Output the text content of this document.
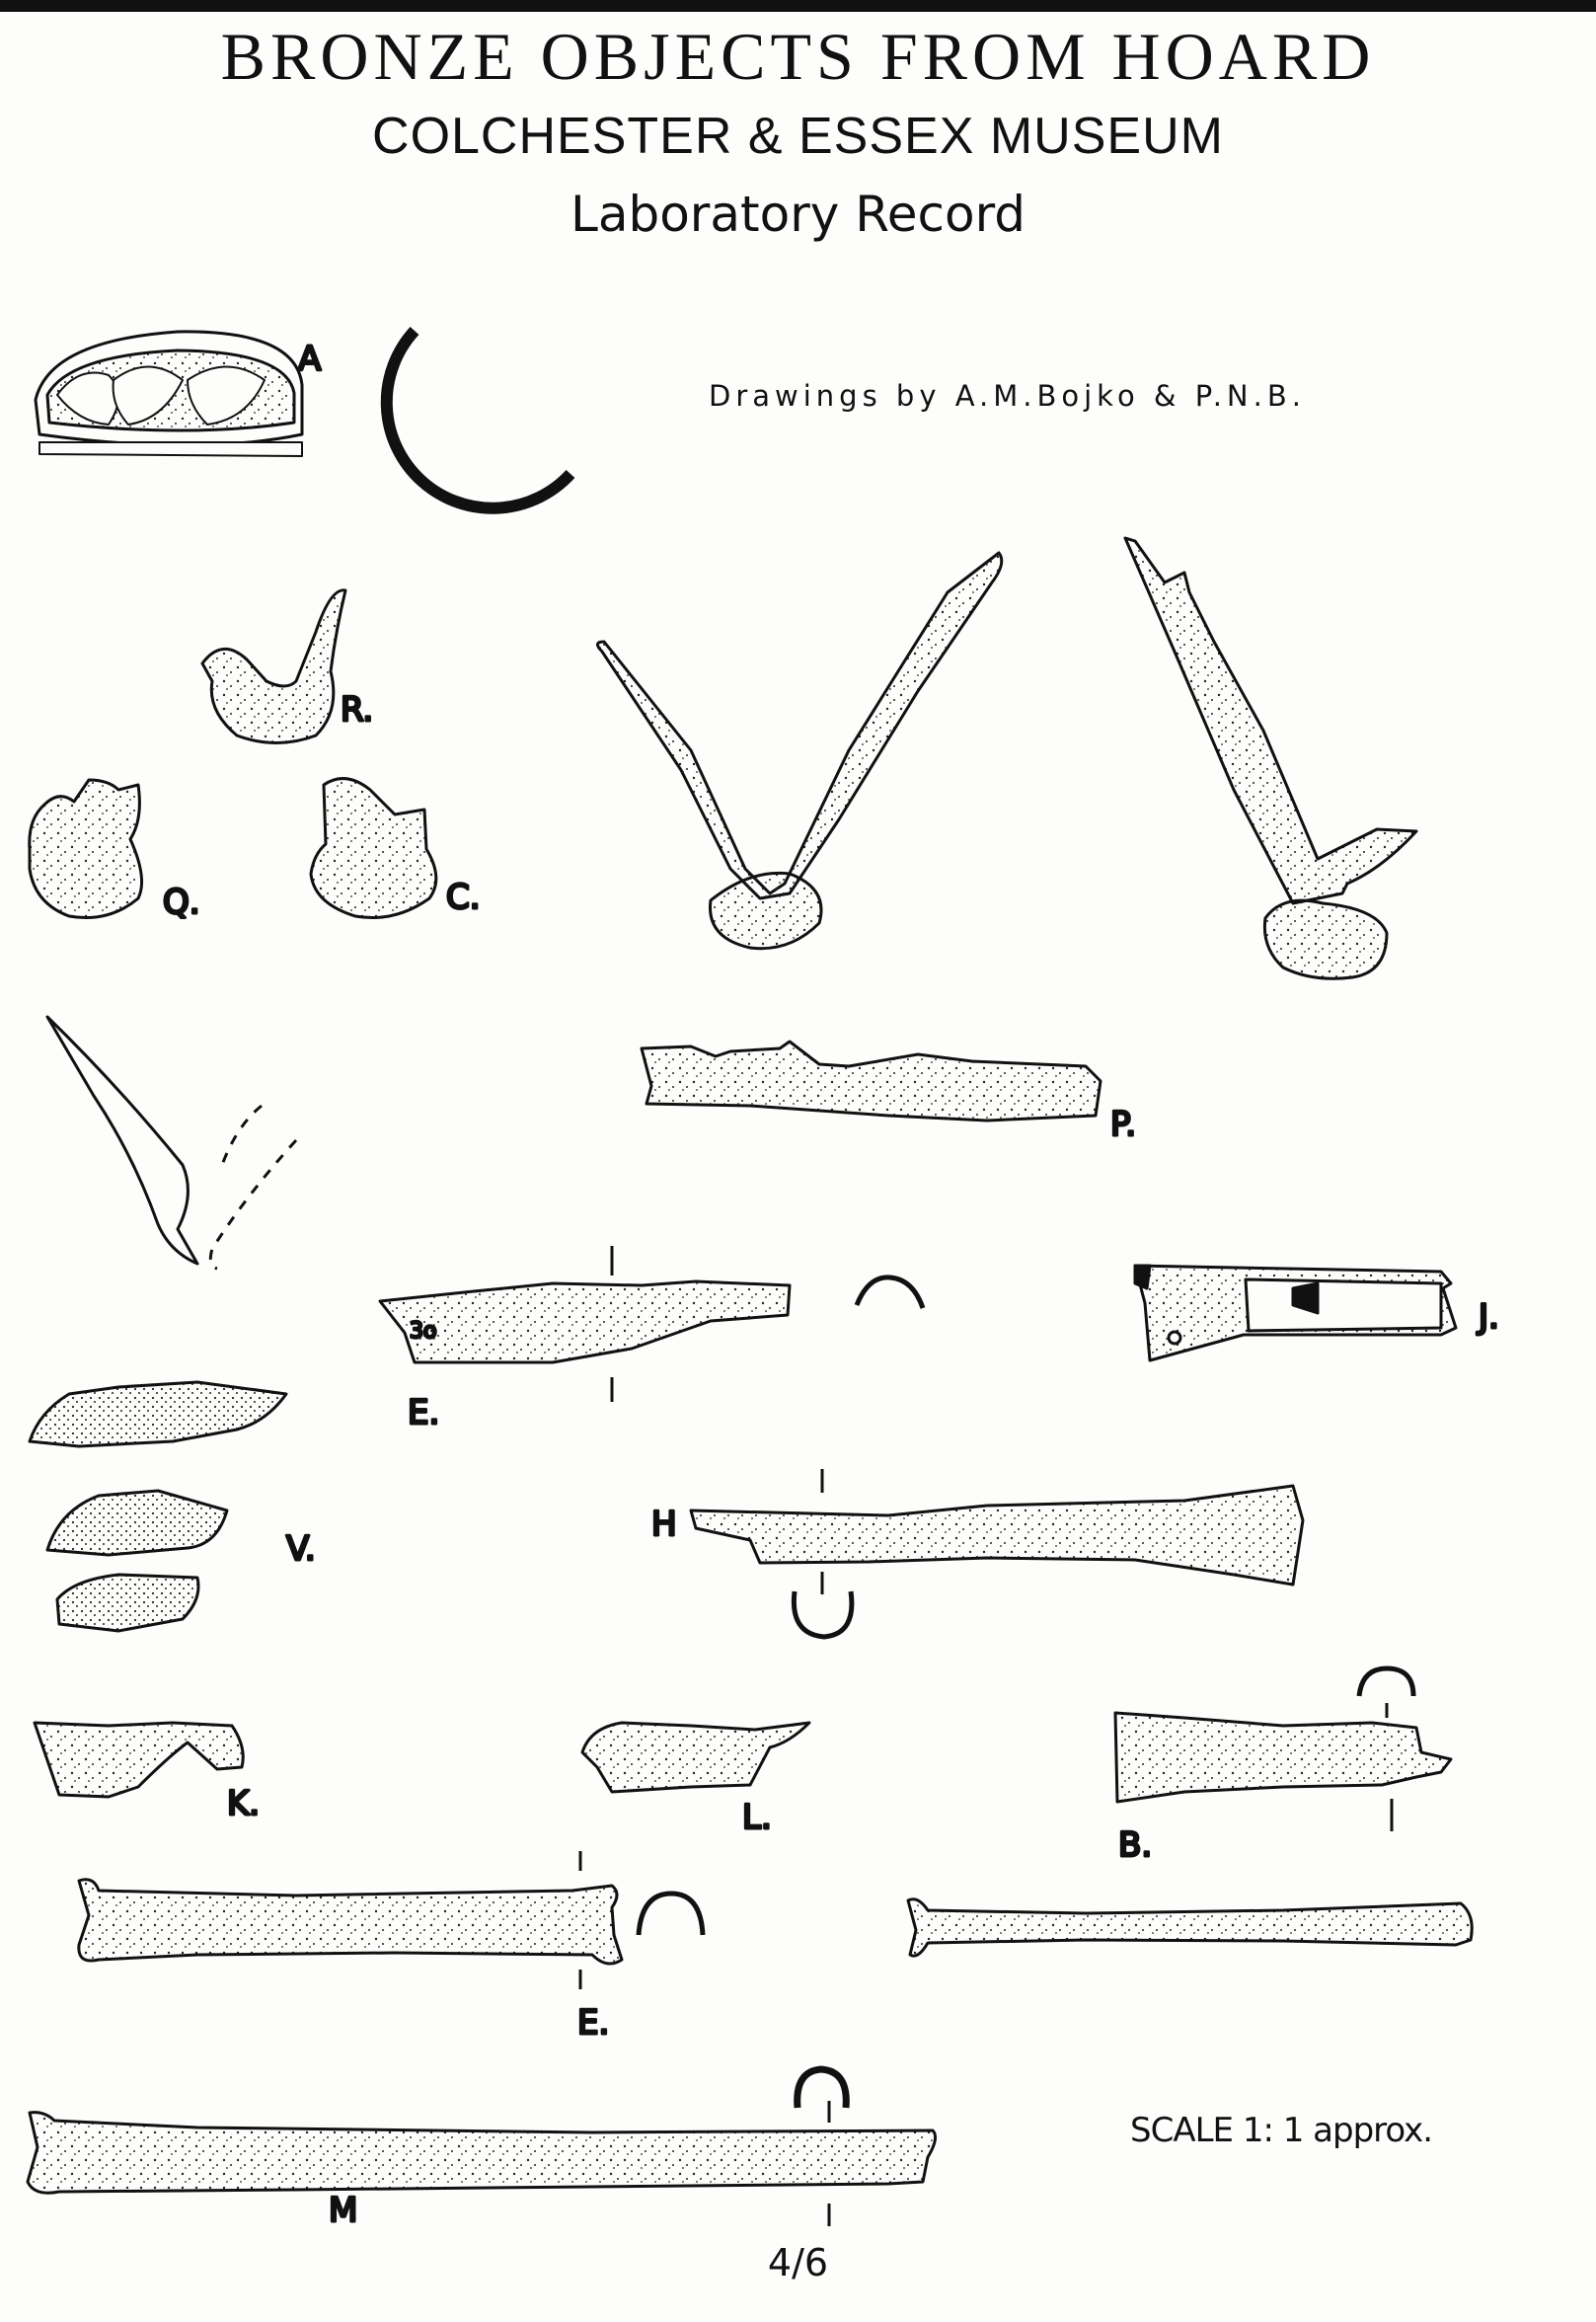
BRONZE OBJECTS FROM HOARD
COLCHESTER & ESSEX MUSEUM
Laboratory Record
Drawings by A.M.Bojko & P.N.B.
A
R.
Q.	C.
P.
3o
E.
J.
V.
H
K.	L.
B.
E.
M
SCALE 1: 1 approx.
4/6
